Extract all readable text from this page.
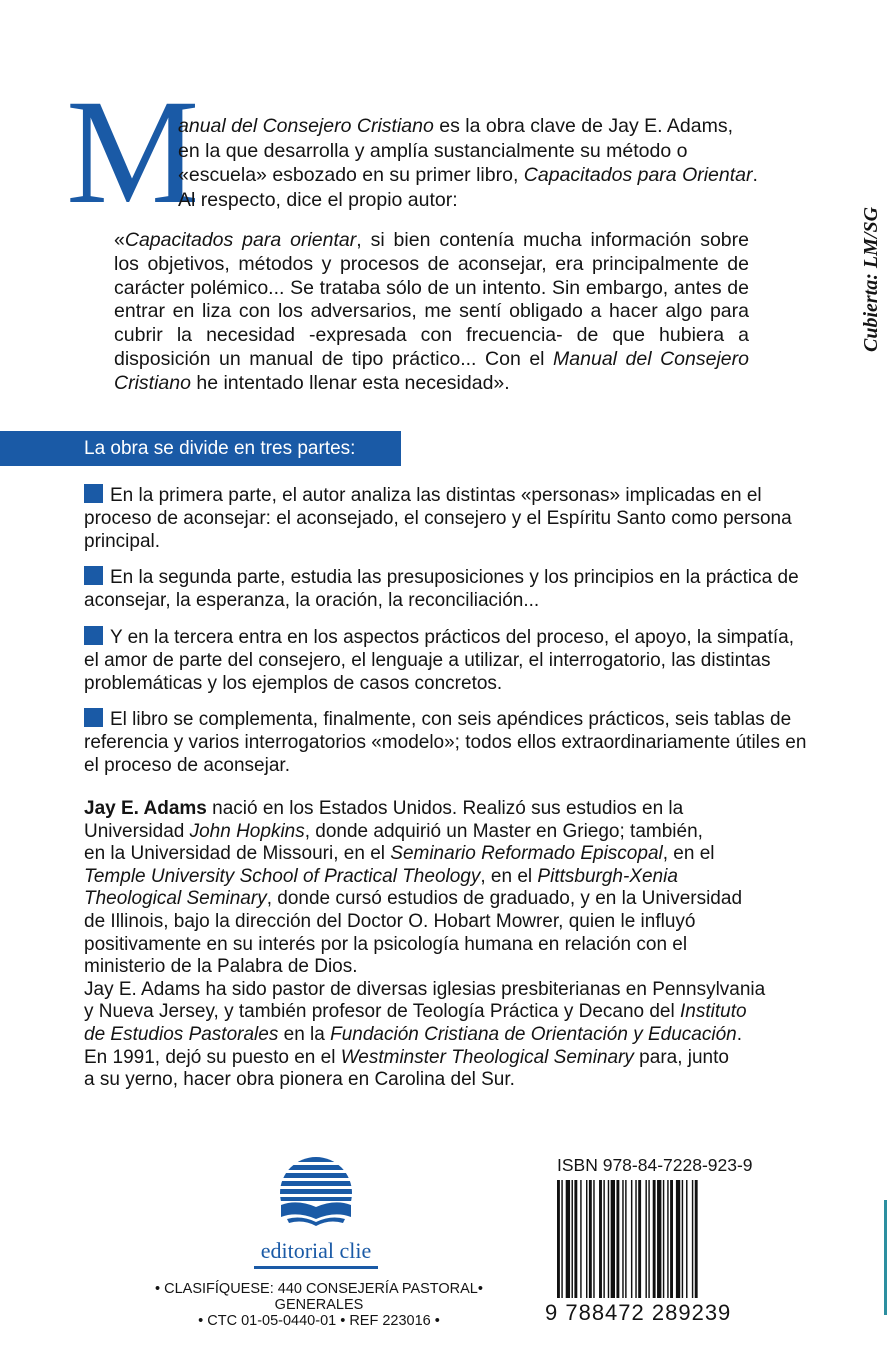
M
anual del Consejero Cristiano es la obra clave de Jay E. Adams,
en la que desarrolla y amplía sustancialmente su método o
«escuela» esbozado en su primer libro, Capacitados para Orientar.
Al respecto, dice el propio autor:
«Capacitados para orientar, si bien contenía mucha información sobre los objetivos, métodos y procesos de aconsejar, era principalmente de carácter polémico... Se trataba sólo de un intento. Sin embargo, antes de entrar en liza con los adversarios, me sentí obligado a hacer algo para cubrir la necesidad -expresada con frecuencia- de que hubiera a disposición un manual de tipo práctico... Con el Manual del Consejero Cristiano he intentado llenar esta necesidad».
La obra se divide en tres partes:
En la primera parte, el autor analiza las distintas «personas» implicadas en el proceso de aconsejar: el aconsejado, el consejero y el Espíritu Santo como persona principal.
En la segunda parte, estudia las presuposiciones y los principios en la práctica de aconsejar, la esperanza, la oración, la reconciliación...
Y en la tercera entra en los aspectos prácticos del proceso, el apoyo, la simpatía, el amor de parte del consejero, el lenguaje a utilizar, el interrogatorio, las distintas problemáticas y los ejemplos de casos concretos.
El libro se complementa, finalmente, con seis apéndices prácticos, seis tablas de referencia y varios interrogatorios «modelo»; todos ellos extraordinariamente útiles en el proceso de aconsejar.
Jay E. Adams nació en los Estados Unidos. Realizó sus estudios en la
Universidad John Hopkins, donde adquirió un Master en Griego; también,
en la Universidad de Missouri, en el Seminario Reformado Episcopal, en el
Temple University School of Practical Theology, en el Pittsburgh-Xenia
Theological Seminary, donde cursó estudios de graduado, y en la Universidad
de Illinois, bajo la dirección del Doctor O. Hobart Mowrer, quien le influyó
positivamente en su interés por la psicología humana en relación con el
ministerio de la Palabra de Dios.
Jay E. Adams ha sido pastor de diversas iglesias presbiterianas en Pennsylvania
y Nueva Jersey, y también profesor de Teología Práctica y Decano del Instituto
de Estudios Pastorales en la Fundación Cristiana de Orientación y Educación.
En 1991, dejó su puesto en el Westminster Theological Seminary para, junto
a su yerno, hacer obra pionera en Carolina del Sur.
Cubierta: LM/SG
editorial clie
• CLASIFÍQUESE: 440 CONSEJERÍA PASTORAL•
GENERALES
• CTC 01-05-0440-01 • REF 223016 •
ISBN 978-84-7228-923-9
9 788472 289239
